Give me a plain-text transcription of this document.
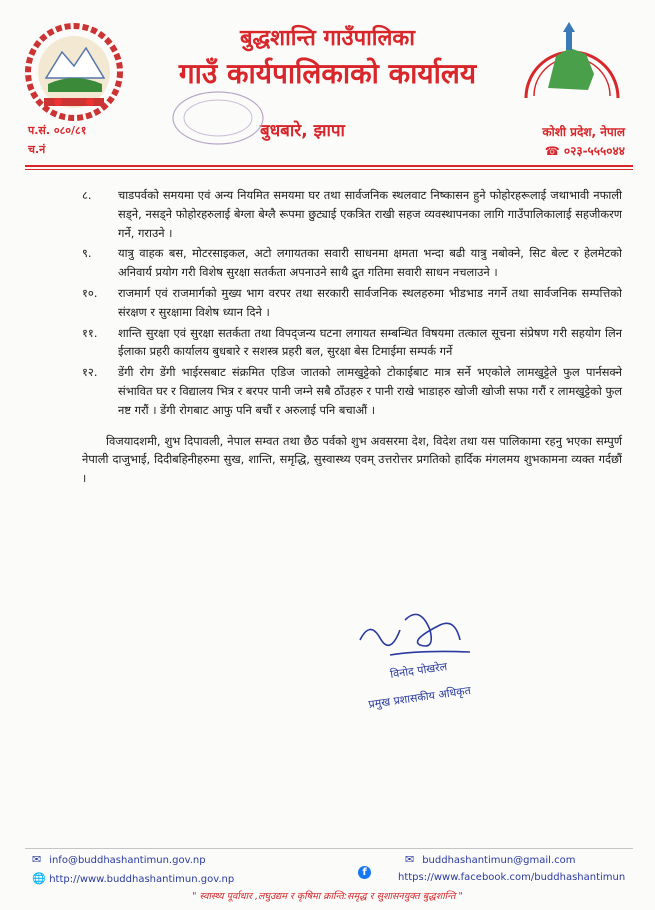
बुद्धशान्ति गाउँपालिका
गाउँ कार्यपालिकाको कार्यालय
बुधबारे, झापा
प.सं. ०८०/८१
च.नं
कोशी प्रदेश, नेपाल
☎ ०२३-५५५०४४
८.	चाडपर्वको समयमा एवं अन्य नियमित समयमा घर तथा सार्वजनिक स्थलवाट निष्कासन हुने फोहोरहरूलाई जथाभावी नफाली सड्ने, नसड्ने फोहोरहरुलाई बेग्ला बेग्लै रूपमा छुट्याई एकत्रित राखी सहज व्यवस्थापनका लागि गाउँपालिकालाई सहजीकरण गर्ने, गराउने ।
९.	यात्रु वाहक बस, मोटरसाइकल, अटो लगायतका सवारी साधनमा क्षमता भन्दा बढी यात्रु नबोक्ने, सिट बेल्ट र हेलमेटको अनिवार्य प्रयोग गरी विशेष सुरक्षा सतर्कता अपनाउने साथै द्रुत गतिमा सवारी साधन नचलाउने ।
१०.	राजमार्ग एवं राजमार्गको मुख्य भाग वरपर तथा सरकारी सार्वजनिक स्थलहरुमा भीडभाड नगर्ने तथा सार्वजनिक सम्पत्तिको संरक्षण र सुरक्षामा विशेष ध्यान दिने ।
११.	शान्ति सुरक्षा एवं सुरक्षा सतर्कता तथा विपद्जन्य घटना लगायत सम्बन्धित विषयमा तत्काल सूचना संप्रेषण गरी सहयोग लिन ईलाका प्रहरी कार्यालय बुधबारे र सशस्त्र प्रहरी बल, सुरक्षा बेस टिमाईमा सम्पर्क गर्ने
१२.	डेंगी रोग डेंगी भाईरसबाट संक्रमित एडिज जातको लामखुट्टेको टोकाईबाट मात्र सर्ने भएकोले लामखुट्टेले फुल पार्नसक्ने संभावित घर र विद्यालय भित्र र बरपर पानी जम्ने सबै ठाँउहरु र पानी राखे भाडाहरु खोजी खोजी सफा गरौं र लामखुट्टेको फुल नष्ट गरौं । डेंगी रोगबाट आफु पनि बचौं र अरुलाई पनि बचाऔं ।
विजयादशमी, शुभ दिपावली, नेपाल सम्वत तथा छैठ पर्वको शुभ अवसरमा देश, विदेश तथा यस पालिकामा रहनु भएका सम्पुर्ण नेपाली दाजुभाई, दिदीबहिनीहरुमा सुख, शान्ति, समृद्धि, सुस्वास्थ्य एवम् उत्तरोत्तर प्रगतिको हार्दिक मंगलमय शुभकामना व्यक्त गर्दछौं ।
विनोद पोखरेल
प्रमुख प्रशासकीय अधिकृत
✉ info@buddhashantimun.gov.np	✉ buddhashantimun@gmail.com
🌐 http://www.buddhashantimun.gov.np
f	https://www.facebook.com/buddhashantimun
" स्वास्थ्य पूर्वाधार ,लघुउद्यम र कृषिमा क्रान्ति:समृद्ध र सुशासनयुक्त बुद्धशान्ति "
